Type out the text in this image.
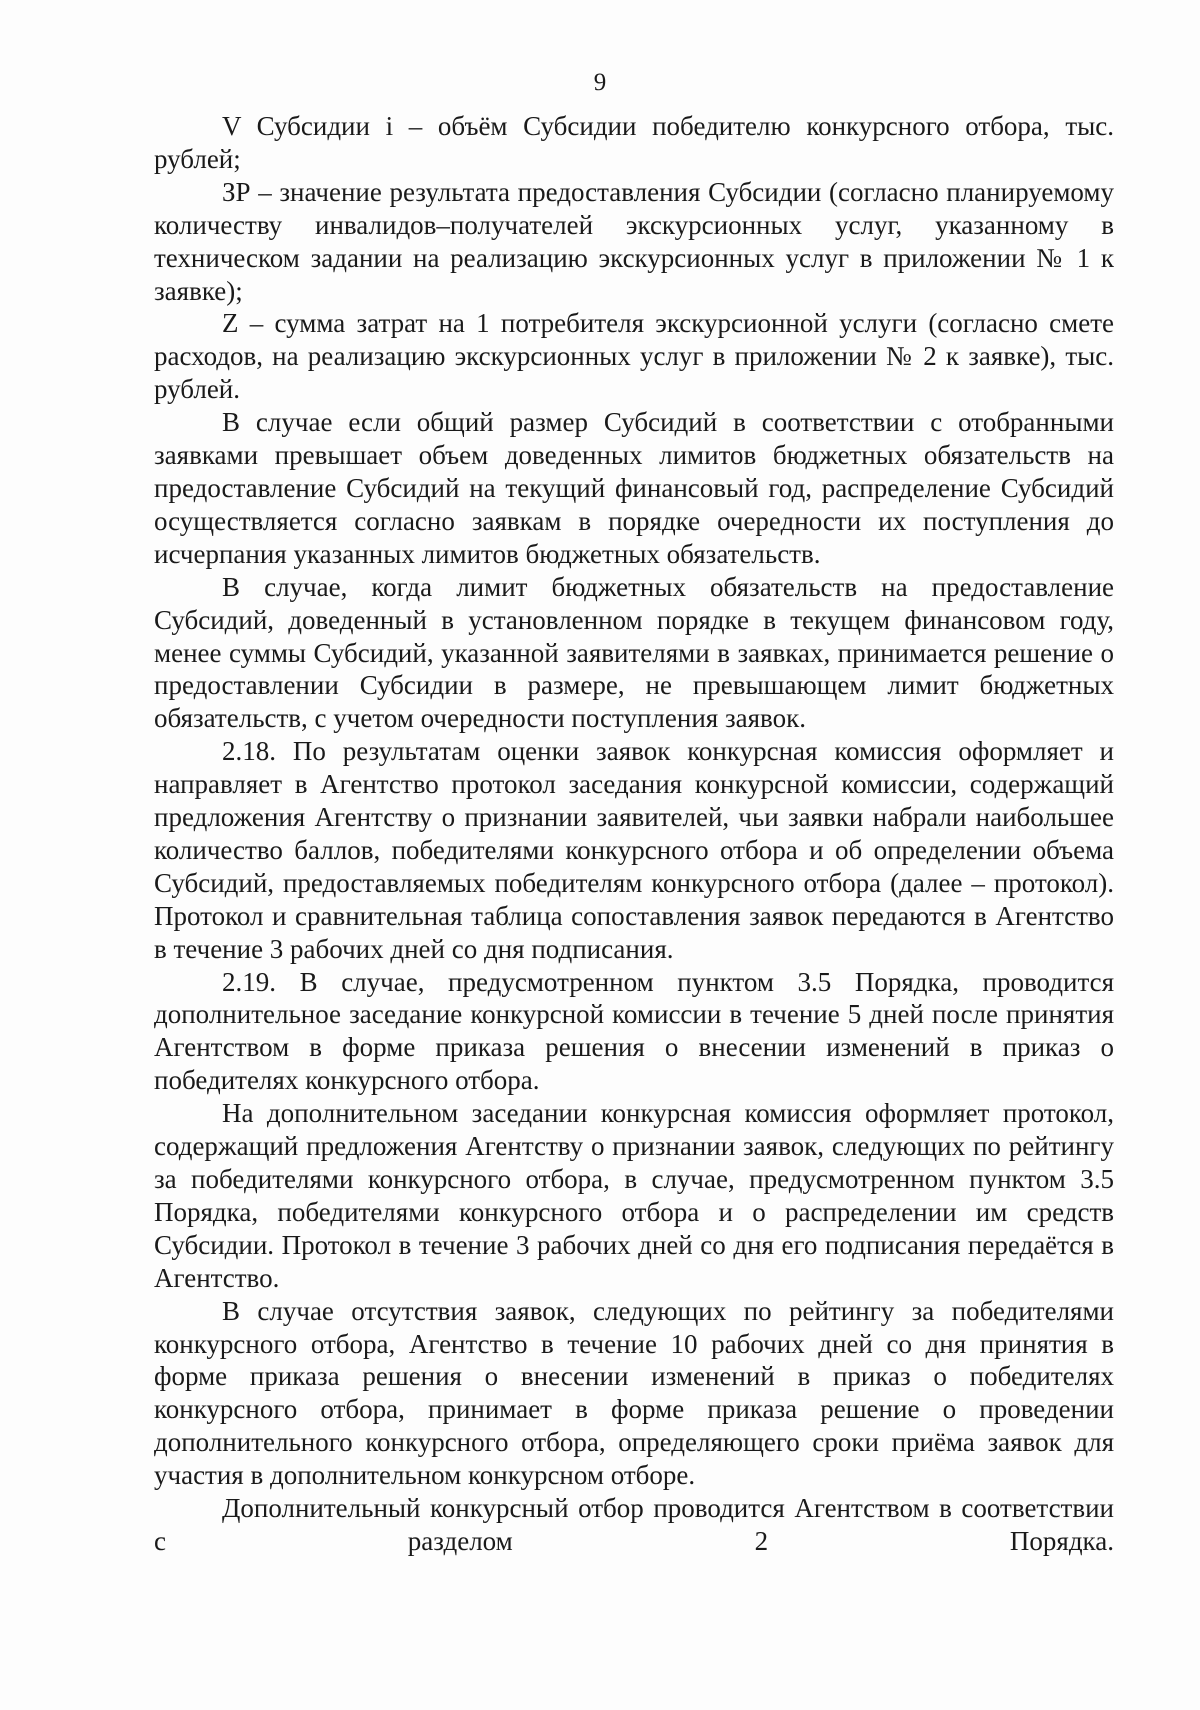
9

V Субсидии i – объём Субсидии победителю конкурсного отбора, тыс. рублей;

ЗР – значение результата предоставления Субсидии (согласно планируемому количеству инвалидов–получателей экскурсионных услуг, указанному в техническом задании на реализацию экскурсионных услуг в приложении № 1 к заявке);

Z – сумма затрат на 1 потребителя экскурсионной услуги (согласно смете расходов, на реализацию экскурсионных услуг в приложении № 2 к заявке), тыс. рублей.

В случае если общий размер Субсидий в соответствии с отобранными заявками превышает объем доведенных лимитов бюджетных обязательств на предоставление Субсидий на текущий финансовый год, распределение Субсидий осуществляется согласно заявкам в порядке очередности их поступления до исчерпания указанных лимитов бюджетных обязательств.

В случае, когда лимит бюджетных обязательств на предоставление Субсидий, доведенный в установленном порядке в текущем финансовом году, менее суммы Субсидий, указанной заявителями в заявках, принимается решение о предоставлении Субсидии в размере, не превышающем лимит бюджетных обязательств, с учетом очередности поступления заявок.

2.18. По результатам оценки заявок конкурсная комиссия оформляет и направляет в Агентство протокол заседания конкурсной комиссии, содержащий предложения Агентству о признании заявителей, чьи заявки набрали наибольшее количество баллов, победителями конкурсного отбора и об определении объема Субсидий, предоставляемых победителям конкурсного отбора (далее – протокол). Протокол и сравнительная таблица сопоставления заявок передаются в Агентство в течение 3 рабочих дней со дня подписания.

2.19. В случае, предусмотренном пунктом 3.5 Порядка, проводится дополнительное заседание конкурсной комиссии в течение 5 дней после принятия Агентством в форме приказа решения о внесении изменений в приказ о победителях конкурсного отбора.

На дополнительном заседании конкурсная комиссия оформляет протокол, содержащий предложения Агентству о признании заявок, следующих по рейтингу за победителями конкурсного отбора, в случае, предусмотренном пунктом 3.5 Порядка, победителями конкурсного отбора и о распределении им средств Субсидии. Протокол в течение 3 рабочих дней со дня его подписания передаётся в Агентство.

В случае отсутствия заявок, следующих по рейтингу за победителями конкурсного отбора, Агентство в течение 10 рабочих дней со дня принятия в форме приказа решения о внесении изменений в приказ о победителях конкурсного отбора, принимает в форме приказа решение о проведении дополнительного конкурсного отбора, определяющего сроки приёма заявок для участия в дополнительном конкурсном отборе.

Дополнительный конкурсный отбор проводится Агентством в соответствии с разделом 2 Порядка.
